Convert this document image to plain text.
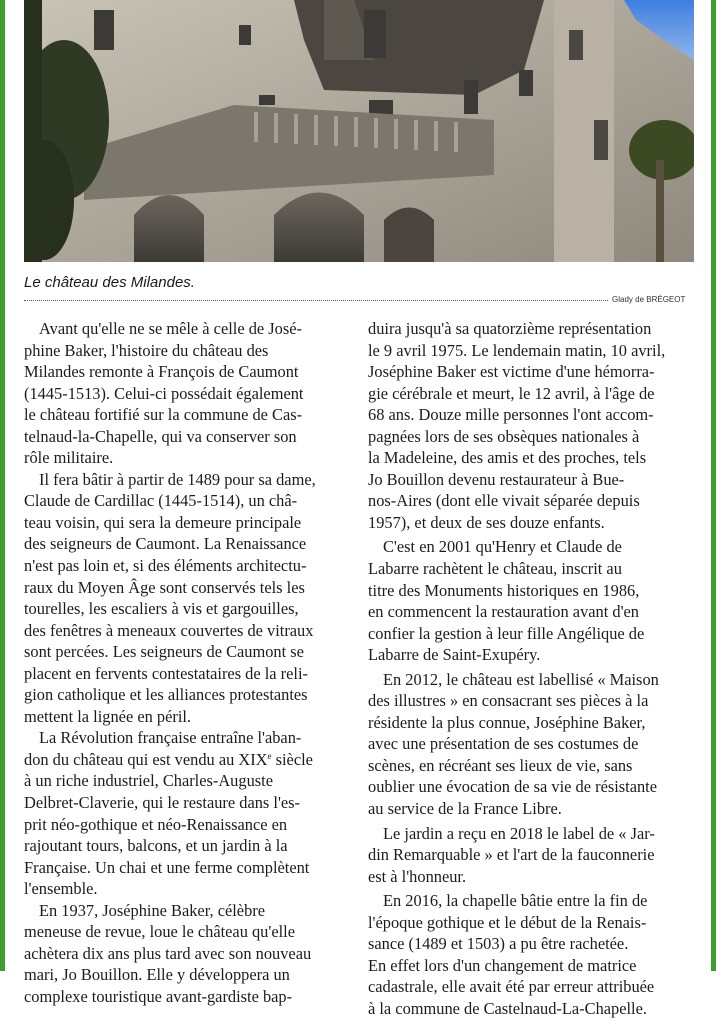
Le château des Milandes.
Glady de BRÉGEOT

Avant qu'elle ne se mêle à celle de José-
phine Baker, l'histoire du château des
Milandes remonte à François de Caumont
(1445-1513). Celui-ci possédait également
le château fortifié sur la commune de Cas-
telnaud-la-Chapelle, qui va conserver son
rôle militaire.

Il fera bâtir à partir de 1489 pour sa dame,
Claude de Cardillac (1445-1514), un châ-
teau voisin, qui sera la demeure principale
des seigneurs de Caumont. La Renaissance
n'est pas loin et, si des éléments architectu-
raux du Moyen Âge sont conservés tels les
tourelles, les escaliers à vis et gargouilles,
des fenêtres à meneaux couvertes de vitraux
sont percées. Les seigneurs de Caumont se
placent en fervents contestataires de la reli-
gion catholique et les alliances protestantes
mettent la lignée en péril.

La Révolution française entraîne l'aban-
don du château qui est vendu au XIXe siècle
à un riche industriel, Charles-Auguste
Delbret-Claverie, qui le restaure dans l'es-
prit néo-gothique et néo-Renaissance en
rajoutant tours, balcons, et un jardin à la
Française. Un chai et une ferme complètent
l'ensemble.

En 1937, Joséphine Baker, célèbre
meneuse de revue, loue le château qu'elle
achètera dix ans plus tard avec son nouveau
mari, Jo Bouillon. Elle y développera un
complexe touristique avant-gardiste bap-

duira jusqu'à sa quatorzième représentation
le 9 avril 1975. Le lendemain matin, 10 avril,
Joséphine Baker est victime d'une hémorra-
gie cérébrale et meurt, le 12 avril, à l'âge de
68 ans. Douze mille personnes l'ont accom-
pagnées lors de ses obsèques nationales à
la Madeleine, des amis et des proches, tels
Jo Bouillon devenu restaurateur à Bue-
nos-Aires (dont elle vivait séparée depuis
1957), et deux de ses douze enfants.

C'est en 2001 qu'Henry et Claude de
Labarre rachètent le château, inscrit au
titre des Monuments historiques en 1986,
en commencent la restauration avant d'en
confier la gestion à leur fille Angélique de
Labarre de Saint-Exupéry.

En 2012, le château est labellisé « Maison
des illustres » en consacrant ses pièces à la
résidente la plus connue, Joséphine Baker,
avec une présentation de ses costumes de
scènes, en récréant ses lieux de vie, sans
oublier une évocation de sa vie de résistante
au service de la France Libre.

Le jardin a reçu en 2018 le label de « Jar-
din Remarquable » et l'art de la fauconnerie
est à l'honneur.

En 2016, la chapelle bâtie entre la fin de
l'époque gothique et le début de la Renais-
sance (1489 et 1503) a pu être rachetée.
En effet lors d'un changement de matrice
cadastrale, elle avait été par erreur attribuée
à la commune de Castelnaud-La-Chapelle.
